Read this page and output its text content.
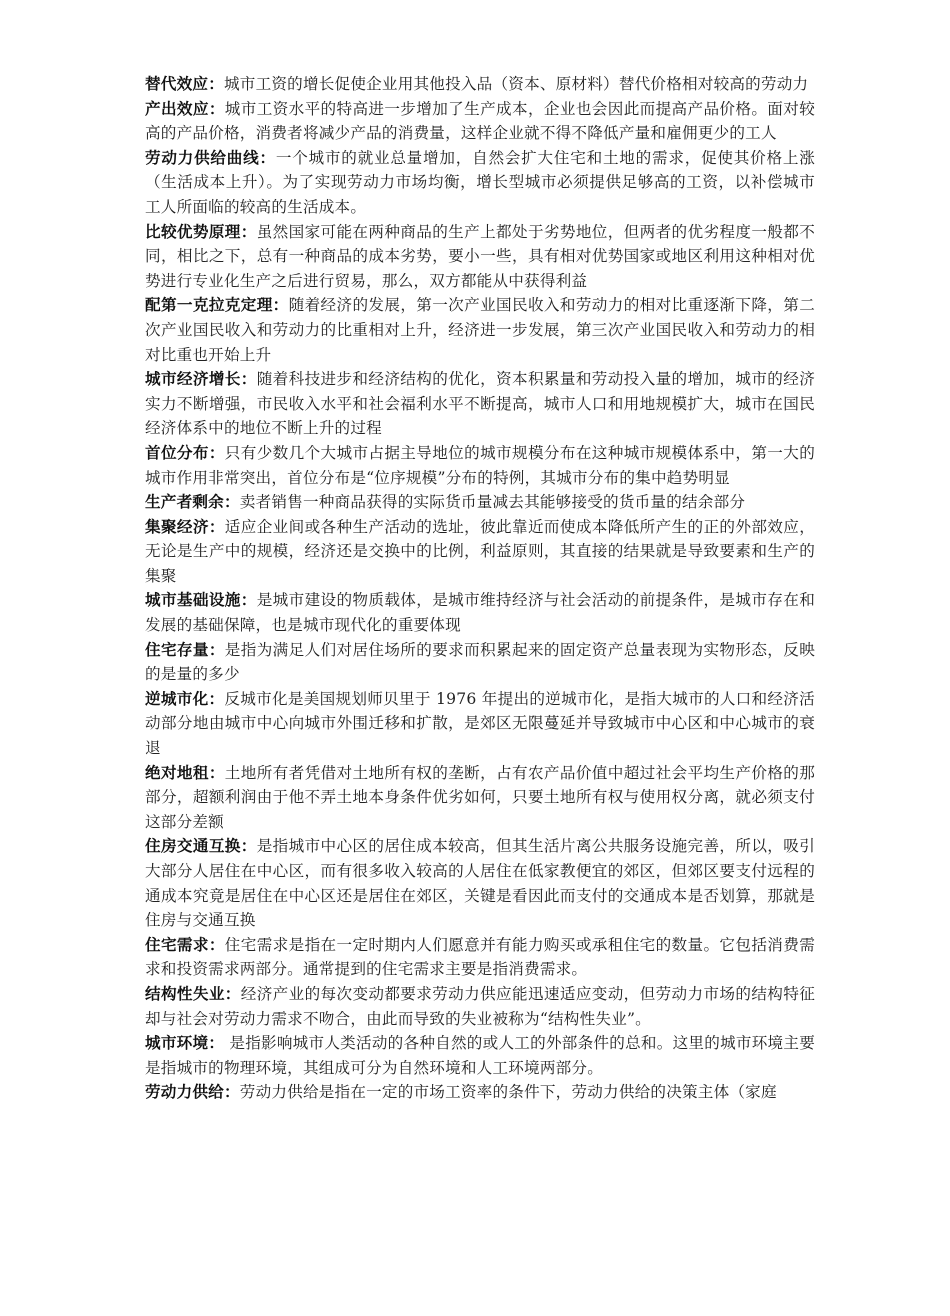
替代效应：城市工资的增长促使企业用其他投入品（资本、原材料）替代价格相对较高的劳动力

产出效应：城市工资水平的特高进一步增加了生产成本，企业也会因此而提高产品价格。面对较高的产品价格，消费者将减少产品的消费量，这样企业就不得不降低产量和雇佣更少的工人

劳动力供给曲线：一个城市的就业总量增加，自然会扩大住宅和土地的需求，促使其价格上涨（生活成本上升）。为了实现劳动力市场均衡，增长型城市必须提供足够高的工资，以补偿城市工人所面临的较高的生活成本。

比较优势原理：虽然国家可能在两种商品的生产上都处于劣势地位，但两者的优劣程度一般都不同，相比之下，总有一种商品的成本劣势，要小一些，具有相对优势国家或地区利用这种相对优势进行专业化生产之后进行贸易，那么，双方都能从中获得利益

配第一克拉克定理：随着经济的发展，第一次产业国民收入和劳动力的相对比重逐渐下降，第二次产业国民收入和劳动力的比重相对上升，经济进一步发展，第三次产业国民收入和劳动力的相对比重也开始上升

城市经济增长：随着科技进步和经济结构的优化，资本积累量和劳动投入量的增加，城市的经济实力不断增强，市民收入水平和社会福利水平不断提高，城市人口和用地规模扩大，城市在国民经济体系中的地位不断上升的过程

首位分布：只有少数几个大城市占据主导地位的城市规模分布在这种城市规模体系中，第一大的城市作用非常突出，首位分布是“位序规模”分布的特例，其城市分布的集中趋势明显

生产者剩余：卖者销售一种商品获得的实际货币量减去其能够接受的货币量的结余部分

集聚经济：适应企业间或各种生产活动的选址，彼此靠近而使成本降低所产生的正的外部效应，无论是生产中的规模，经济还是交换中的比例，利益原则，其直接的结果就是导致要素和生产的集聚

城市基础设施：是城市建设的物质载体，是城市维持经济与社会活动的前提条件，是城市存在和发展的基础保障，也是城市现代化的重要体现

住宅存量：是指为满足人们对居住场所的要求而积累起来的固定资产总量表现为实物形态，反映的是量的多少

逆城市化：反城市化是美国规划师贝里于 1976 年提出的逆城市化，是指大城市的人口和经济活动部分地由城市中心向城市外围迁移和扩散，是郊区无限蔓延并导致城市中心区和中心城市的衰退

绝对地租：土地所有者凭借对土地所有权的垄断，占有农产品价值中超过社会平均生产价格的那部分，超额利润由于他不弄土地本身条件优劣如何，只要土地所有权与使用权分离，就必须支付这部分差额

住房交通互换：是指城市中心区的居住成本较高，但其生活片离公共服务设施完善，所以，吸引大部分人居住在中心区，而有很多收入较高的人居住在低家教便宜的郊区，但郊区要支付远程的通成本究竟是居住在中心区还是居住在郊区，关键是看因此而支付的交通成本是否划算，那就是住房与交通互换

住宅需求：住宅需求是指在一定时期内人们愿意并有能力购买或承租住宅的数量。它包括消费需求和投资需求两部分。通常提到的住宅需求主要是指消费需求。

结构性失业：经济产业的每次变动都要求劳动力供应能迅速适应变动，但劳动力市场的结构特征却与社会对劳动力需求不吻合，由此而导致的失业被称为“结构性失业”。

城市环境： 是指影响城市人类活动的各种自然的或人工的外部条件的总和。这里的城市环境主要是指城市的物理环境，其组成可分为自然环境和人工环境两部分。

劳动力供给：劳动力供给是指在一定的市场工资率的条件下，劳动力供给的决策主体（家庭
